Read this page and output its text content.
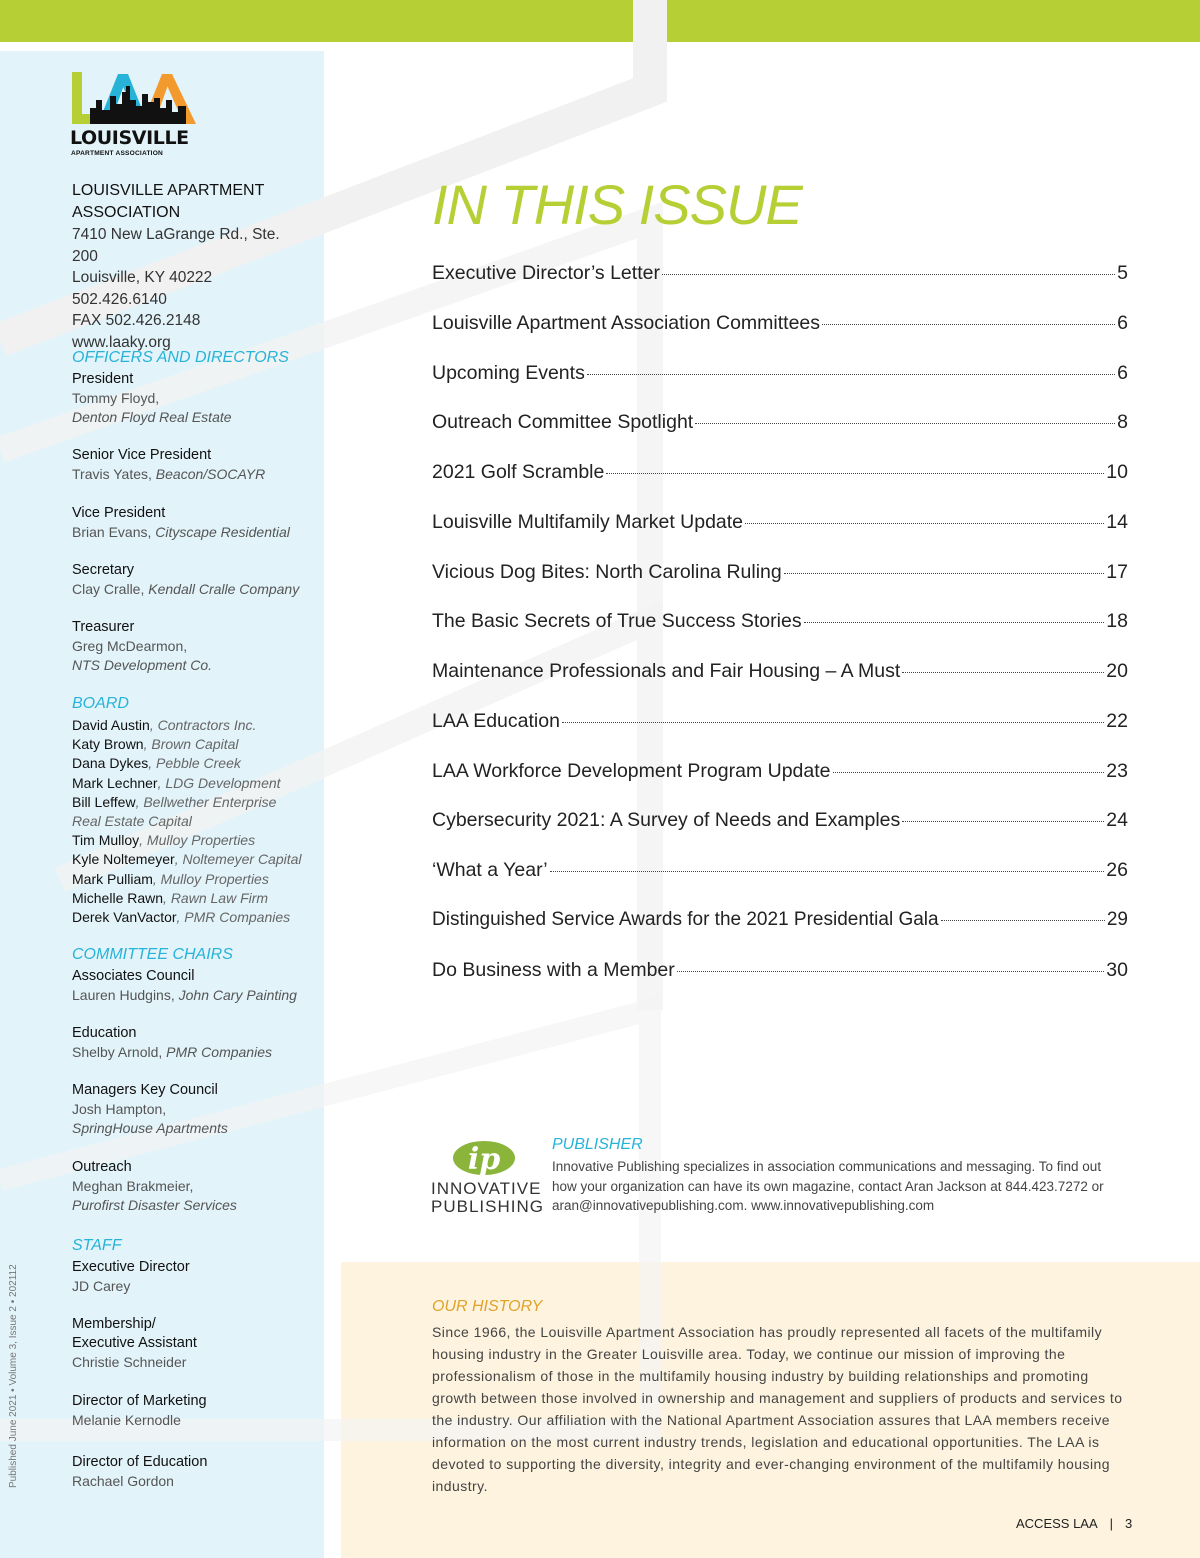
LOUISVILLE
APARTMENT ASSOCIATION
LOUISVILLE APARTMENT ASSOCIATION
7410 New LaGrange Rd., Ste. 200
Louisville, KY 40222
502.426.6140
FAX 502.426.2148
www.laaky.org
OFFICERS AND DIRECTORS
President
Tommy Floyd,
Denton Floyd Real Estate
Senior Vice President
Travis Yates, Beacon/SOCAYR
Vice President
Brian Evans, Cityscape Residential
Secretary
Clay Cralle, Kendall Cralle Company
Treasurer
Greg McDearmon,
NTS Development Co.
BOARD
David Austin, Contractors Inc.
Katy Brown, Brown Capital
Dana Dykes, Pebble Creek
Mark Lechner, LDG Development
Bill Leffew, Bellwether Enterprise
Real Estate Capital
Tim Mulloy, Mulloy Properties
Kyle Noltemeyer, Noltemeyer Capital
Mark Pulliam, Mulloy Properties
Michelle Rawn, Rawn Law Firm
Derek VanVactor, PMR Companies
COMMITTEE CHAIRS
Associates Council
Lauren Hudgins, John Cary Painting
Education
Shelby Arnold, PMR Companies
Managers Key Council
Josh Hampton,
SpringHouse Apartments
Outreach
Meghan Brakmeier,
Purofirst Disaster Services
STAFF
Executive Director
JD Carey
Membership/
Executive Assistant
Christie Schneider
Director of Marketing
Melanie Kernodle
Director of Education
Rachael Gordon
Published June 2021 • Volume 3, Issue 2 • 202112
IN THIS ISSUE
Executive Director’s Letter	5
Louisville Apartment Association Committees	6
Upcoming Events	6
Outreach Committee Spotlight	8
2021 Golf Scramble	10
Louisville Multifamily Market Update	14
Vicious Dog Bites: North Carolina Ruling	17
The Basic Secrets of True Success Stories	18
Maintenance Professionals and Fair Housing – A Must	20
LAA Education	22
LAA Workforce Development Program Update	23
Cybersecurity 2021: A Survey of Needs and Examples	24
‘What a Year’	26
Distinguished Service Awards for the 2021 Presidential Gala	29
Do Business with a Member	30
ip
INNOVATIVE
PUBLISHING
PUBLISHER
Innovative Publishing specializes in association communications and messaging. To find out how your organization can have its own magazine, contact Aran Jackson at 844.423.7272 or aran@innovativepublishing.com. www.innovativepublishing.com
OUR HISTORY
Since 1966, the Louisville Apartment Association has proudly represented all facets of the multifamily housing industry in the Greater Louisville area. Today, we continue our mission of improving the professionalism of those in the multifamily housing industry by building relationships and promoting growth between those involved in ownership and management and suppliers of products and services to the industry. Our affiliation with the National Apartment Association assures that LAA members receive information on the most current industry trends, legislation and educational opportunities. The LAA is devoted to supporting the diversity, integrity and ever-changing environment of the multifamily housing industry.
ACCESS LAA | 3
